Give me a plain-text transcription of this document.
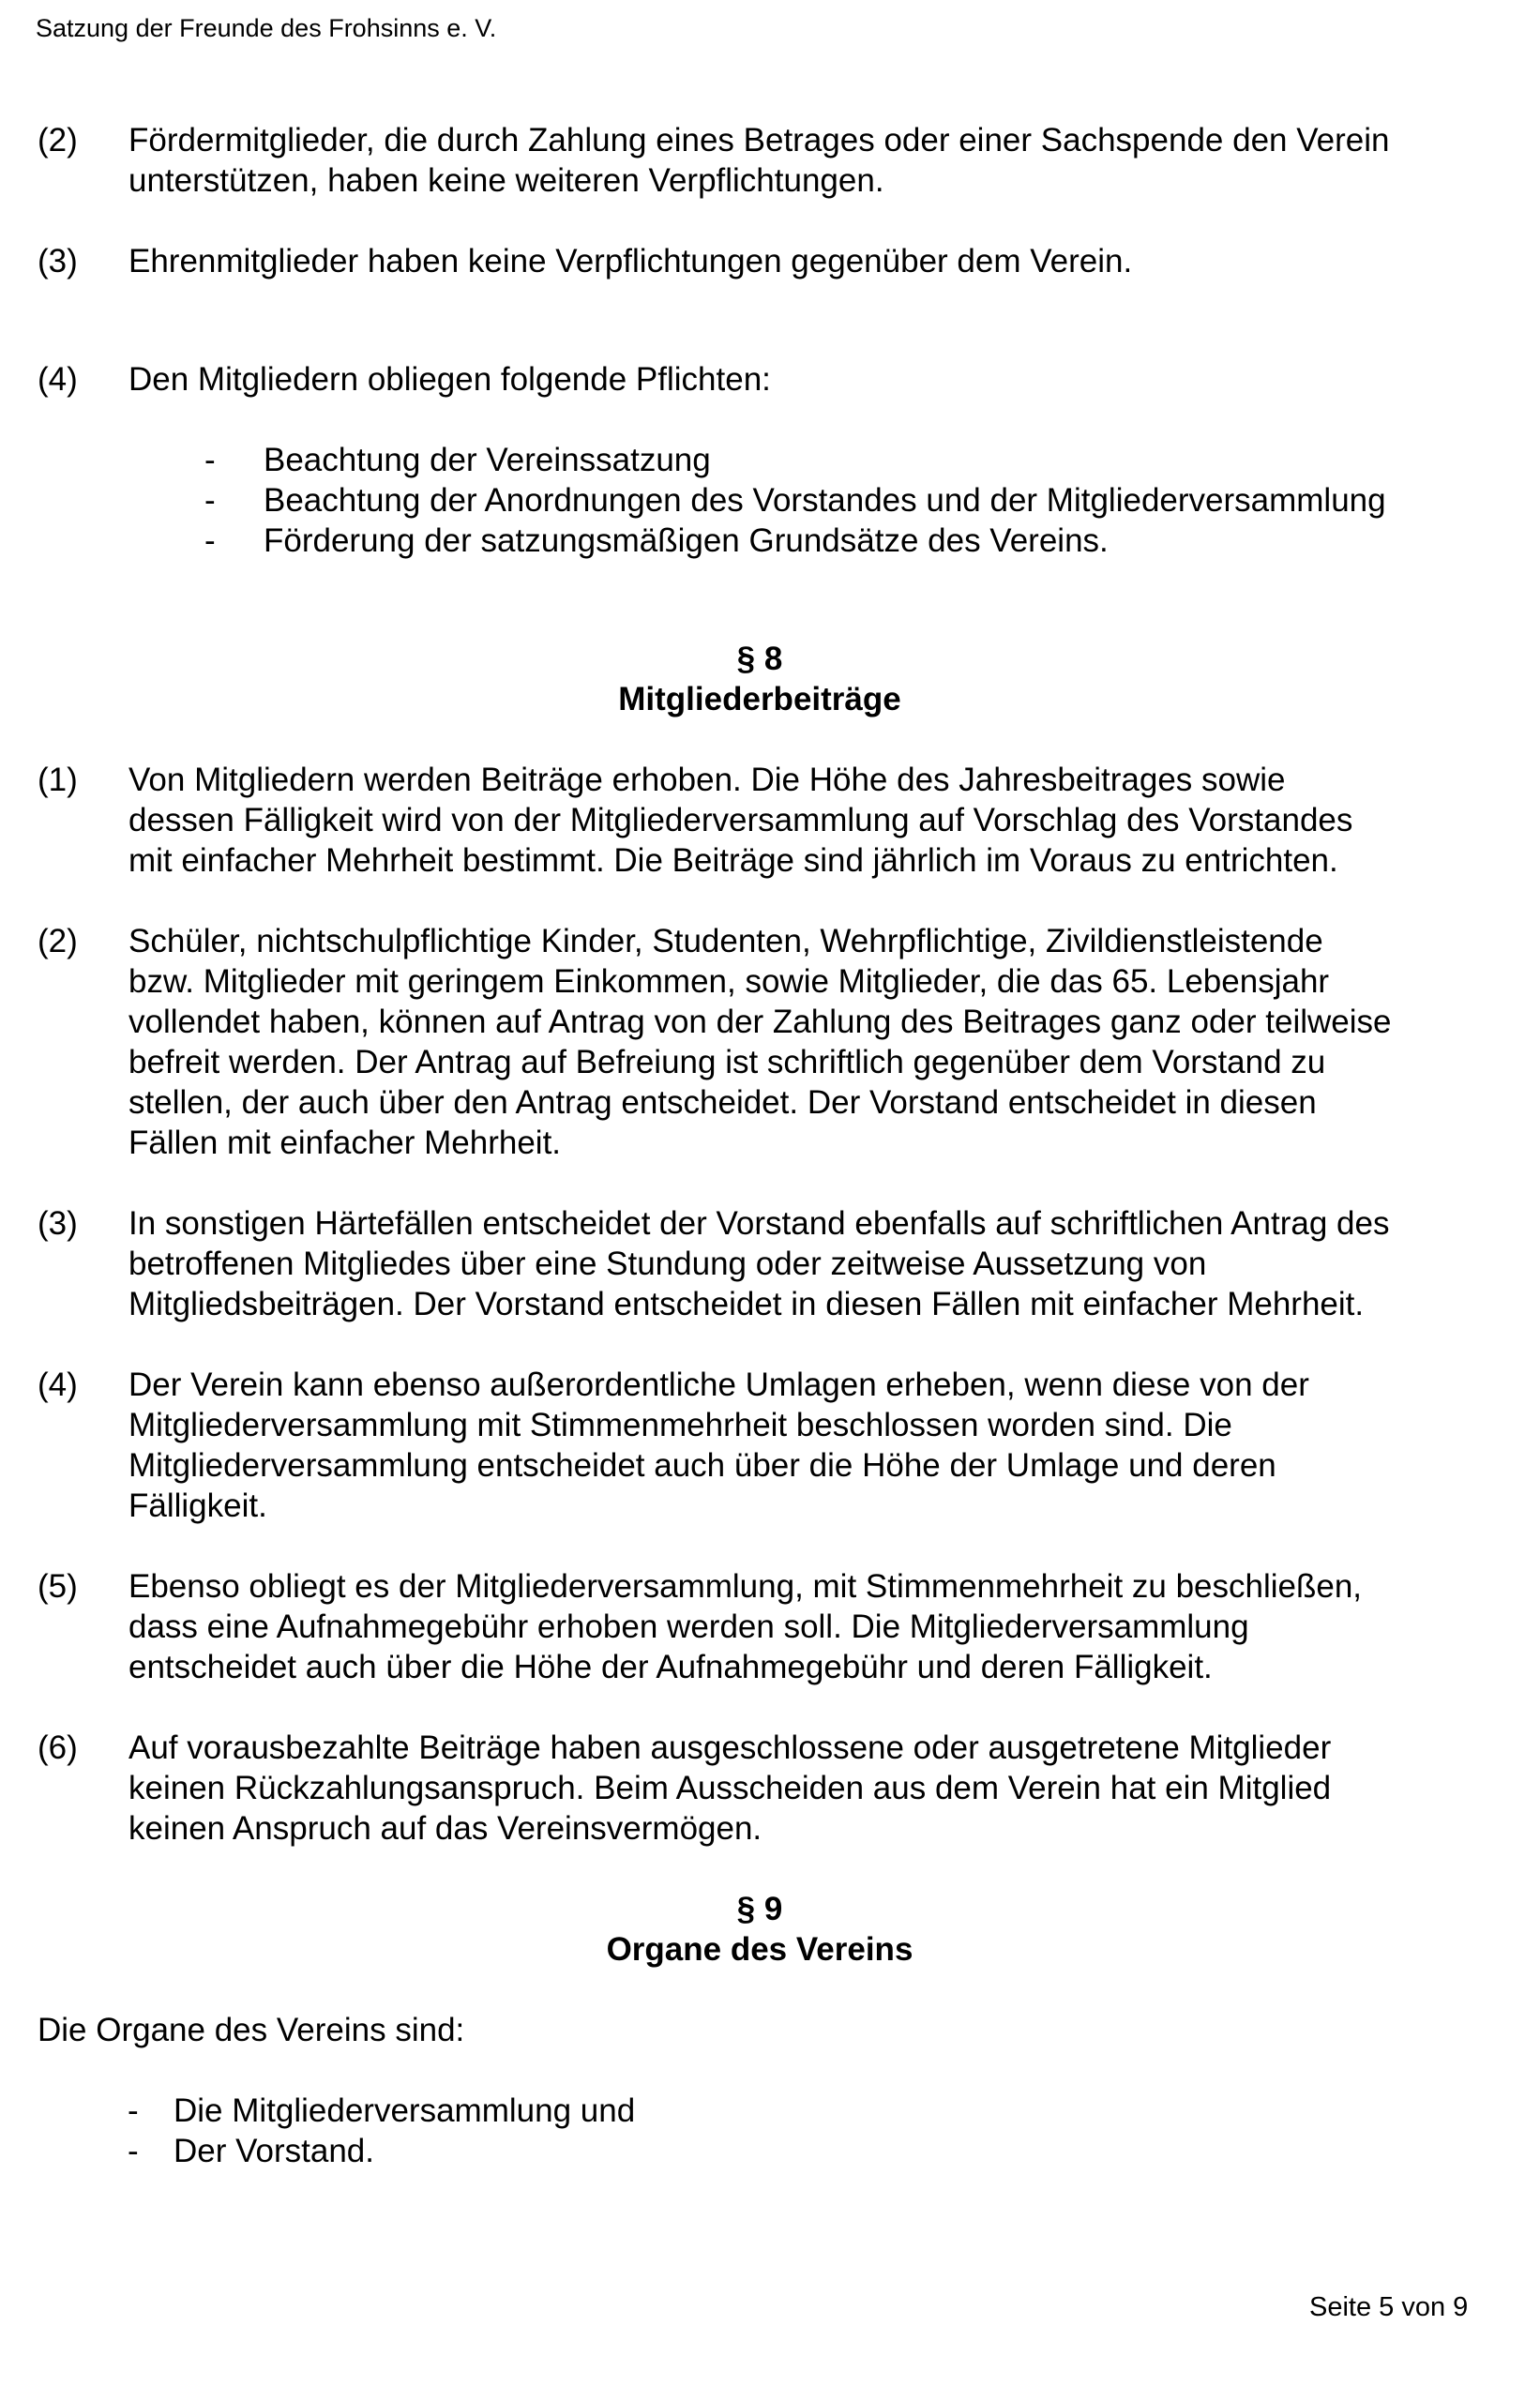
Satzung der Freunde des Frohsinns e. V.
(2)	Fördermitglieder, die durch Zahlung eines Betrages oder einer Sachspende den Verein
unterstützen, haben keine weiteren Verpflichtungen.
(3)	Ehrenmitglieder haben keine Verpflichtungen gegenüber dem Verein.
(4)	Den Mitgliedern obliegen folgende Pflichten:
-	Beachtung der Vereinssatzung
-	Beachtung der Anordnungen des Vorstandes und der Mitgliederversammlung
-	Förderung der satzungsmäßigen Grundsätze des Vereins.
§ 8
Mitgliederbeiträge
(1)	Von Mitgliedern werden Beiträge erhoben. Die Höhe des Jahresbeitrages sowie
dessen Fälligkeit wird von der Mitgliederversammlung auf Vorschlag des Vorstandes
mit einfacher Mehrheit bestimmt. Die Beiträge sind jährlich im Voraus zu entrichten.
(2)	Schüler, nichtschulpflichtige Kinder, Studenten, Wehrpflichtige, Zivildienstleistende
bzw. Mitglieder mit geringem Einkommen, sowie Mitglieder, die das 65. Lebensjahr
vollendet haben, können auf Antrag von der Zahlung des Beitrages ganz oder teilweise
befreit werden. Der Antrag auf Befreiung ist schriftlich gegenüber dem Vorstand zu
stellen, der auch über den Antrag entscheidet. Der Vorstand entscheidet in diesen
Fällen mit einfacher Mehrheit.
(3)	In sonstigen Härtefällen entscheidet der Vorstand ebenfalls auf schriftlichen Antrag des
betroffenen Mitgliedes über eine Stundung oder zeitweise Aussetzung von
Mitgliedsbeiträgen. Der Vorstand entscheidet in diesen Fällen mit einfacher Mehrheit.
(4)	Der Verein kann ebenso außerordentliche Umlagen erheben, wenn diese von der
Mitgliederversammlung mit Stimmenmehrheit beschlossen worden sind. Die
Mitgliederversammlung entscheidet auch über die Höhe der Umlage und deren
Fälligkeit.
(5)	Ebenso obliegt es der Mitgliederversammlung, mit Stimmenmehrheit zu beschließen,
dass eine Aufnahmegebühr erhoben werden soll. Die Mitgliederversammlung
entscheidet auch über die Höhe der Aufnahmegebühr und deren Fälligkeit.
(6)	Auf vorausbezahlte Beiträge haben ausgeschlossene oder ausgetretene Mitglieder
keinen Rückzahlungsanspruch. Beim Ausscheiden aus dem Verein hat ein Mitglied
keinen Anspruch auf das Vereinsvermögen.
§ 9
Organe des Vereins
Die Organe des Vereins sind:
-	Die Mitgliederversammlung und
-	Der Vorstand.
Seite 5 von 9
